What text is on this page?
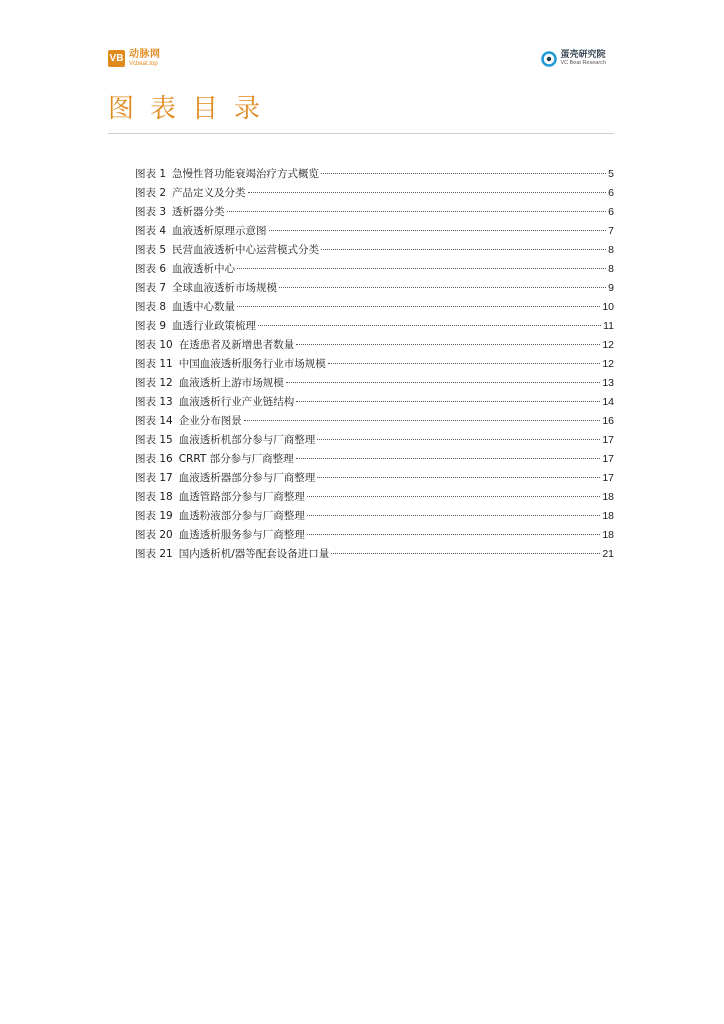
VB 动脉网
Vcbeat.top
蛋壳研究院
VC Beat Research
图表目录
图表 1 急慢性肾功能衰竭治疗方式概览	5
图表 2 产品定义及分类	6
图表 3 透析器分类	6
图表 4 血液透析原理示意图	7
图表 5 民营血液透析中心运营模式分类	8
图表 6 血液透析中心	8
图表 7 全球血液透析市场规模	9
图表 8 血透中心数量	10
图表 9 血透行业政策梳理	11
图表 10 在透患者及新增患者数量	12
图表 11 中国血液透析服务行业市场规模	12
图表 12 血液透析上游市场规模	13
图表 13 血液透析行业产业链结构	14
图表 14 企业分布图景	16
图表 15 血液透析机部分参与厂商整理	17
图表 16 CRRT 部分参与厂商整理	17
图表 17 血液透析器部分参与厂商整理	17
图表 18 血透管路部分参与厂商整理	18
图表 19 血透粉液部分参与厂商整理	18
图表 20 血透透析服务参与厂商整理	18
图表 21 国内透析机/器等配套设备进口量	21
